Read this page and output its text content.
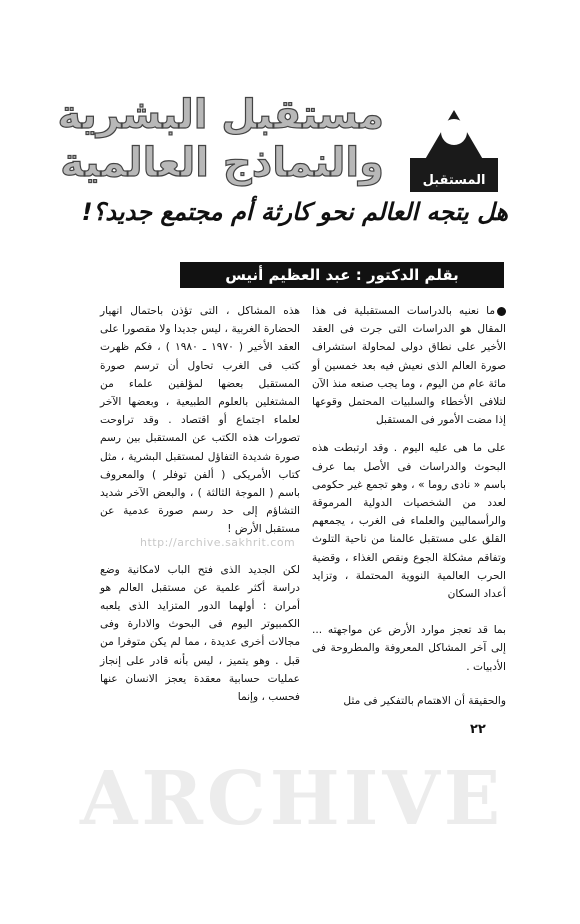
المستقبل
مستقبل البشرية
والنماذج العالمية
هل يتجه العالم نحو كارثة أم مجتمع جديد؟!
بقلم الدكتور : عبد العظيم أنيس

ما نعنيه بالدراسات المستقبلية فى هذا المقال هو الدراسات التى جرت فى العقد الأخير على نطاق دولى لمحاولة استشراف صورة العالم الذى نعيش فيه بعد خمسين أو مائة عام من اليوم ، وما يجب صنعه منذ الآن لتلافى الأخطاء والسلبيات المحتمل وقوعها إذا مضت الأمور فى المستقبل

على ما هى عليه اليوم . وقد ارتبطت هذه البحوث والدراسات فى الأصل بما عرف باسم « نادى روما » ، وهو تجمع غير حكومى لعدد من الشخصيات الدولية المرموقة والرأسماليين والعلماء فى الغرب ، يجمعهم القلق على مستقبل عالمنا من ناحية التلوث وتفاقم مشكلة الجوع ونقص الغذاء ، وقضية الحرب العالمية النووية المحتملة ، وتزايد أعداد السكان

بما قد تعجز موارد الأرض عن مواجهته ... إلى آخر المشاكل المعروفة والمطروحة فى الأدبيات .

والحقيقة أن الاهتمام بالتفكير فى مثل

هذه المشاكل ، التى تؤذن باحتمال انهيار الحضارة الغربية ، ليس جديدا ولا مقصورا على العقد الأخير ( ١٩٧٠ ـ ١٩٨٠ ) ، فكم ظهرت كتب فى الغرب تحاول أن ترسم صورة المستقبل بعضها لمؤلفين علماء من المشتغلين بالعلوم الطبيعية ، وبعضها الآخر لعلماء اجتماع أو اقتصاد . وقد تراوحت تصورات هذه الكتب عن المستقبل بين رسم صورة شديدة التفاؤل لمستقبل البشرية ، مثل كتاب الأمريكى ( ألفن توفلر ) والمعروف باسم ( الموجة الثالثة ) ، والبعض الآخر شديد التشاؤم إلى حد رسم صورة عدمية عن مستقبل الأرض !

لكن الجديد الذى فتح الباب لامكانية وضع دراسة أكثر علمية عن مستقبل العالم هو أمران : أولهما الدور المتزايد الذى يلعبه الكمبيوتر اليوم فى البحوث والادارة وفى مجالات أخرى عديدة ، مما لم يكن متوفرا من قبل . وهو يتميز ، ليس بأنه قادر على إنجاز عمليات حسابية معقدة يعجز الانسان عنها فحسب ، وإنما

٢٢
http://archive.sakhrit.com
ARCHIVE
